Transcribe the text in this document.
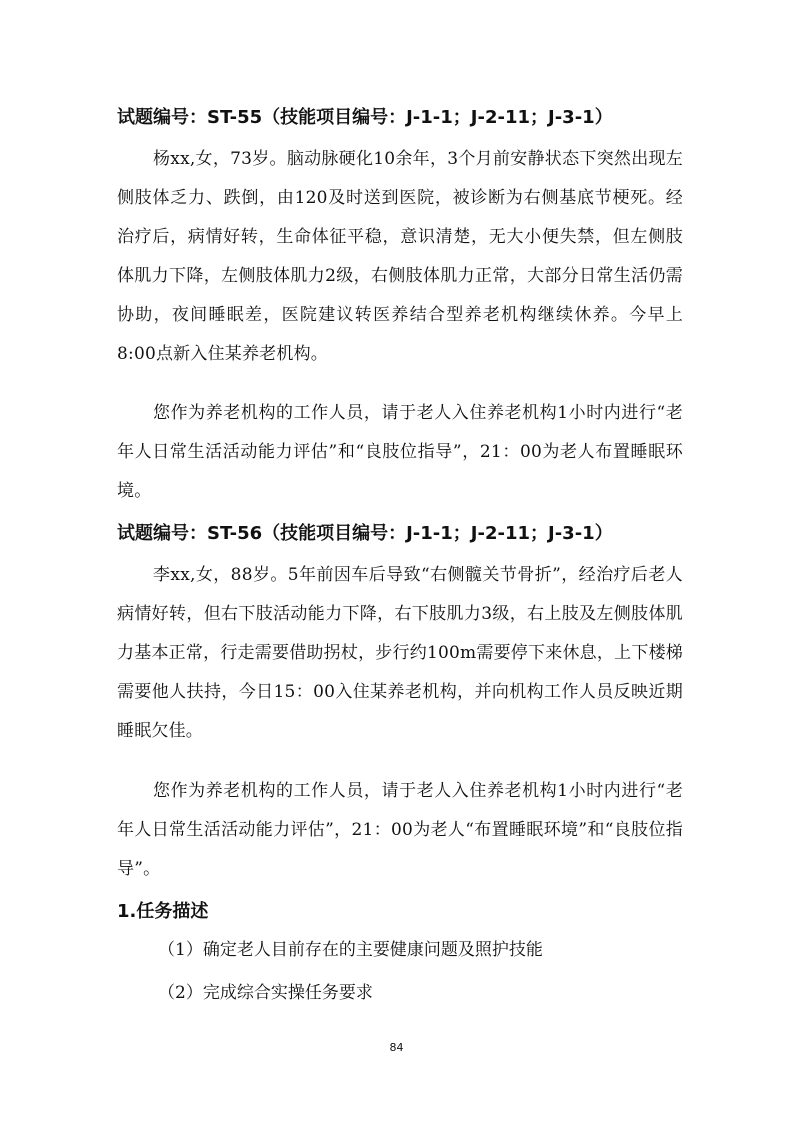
试题编号：ST-55（技能项目编号：J-1-1；J-2-11；J-3-1）
杨xx,女，73岁。脑动脉硬化10余年，3个月前安静状态下突然出现左侧肢体乏力、跌倒，由120及时送到医院，被诊断为右侧基底节梗死。经治疗后，病情好转，生命体征平稳，意识清楚，无大小便失禁，但左侧肢体肌力下降，左侧肢体肌力2级，右侧肢体肌力正常，大部分日常生活仍需协助，夜间睡眠差，医院建议转医养结合型养老机构继续休养。今早上8:00点新入住某养老机构。
您作为养老机构的工作人员，请于老人入住养老机构1小时内进行“老年人日常生活活动能力评估”和“良肢位指导”，21：00为老人布置睡眠环境。
试题编号：ST-56（技能项目编号：J-1-1；J-2-11；J-3-1）
李xx,女，88岁。5年前因车后导致“右侧髋关节骨折”，经治疗后老人病情好转，但右下肢活动能力下降，右下肢肌力3级，右上肢及左侧肢体肌力基本正常，行走需要借助拐杖，步行约100m需要停下来休息，上下楼梯需要他人扶持，今日15：00入住某养老机构，并向机构工作人员反映近期睡眠欠佳。
您作为养老机构的工作人员，请于老人入住养老机构1小时内进行“老年人日常生活活动能力评估”，21：00为老人“布置睡眠环境”和“良肢位指导”。
1.任务描述
（1）确定老人目前存在的主要健康问题及照护技能
（2）完成综合实操任务要求
84
